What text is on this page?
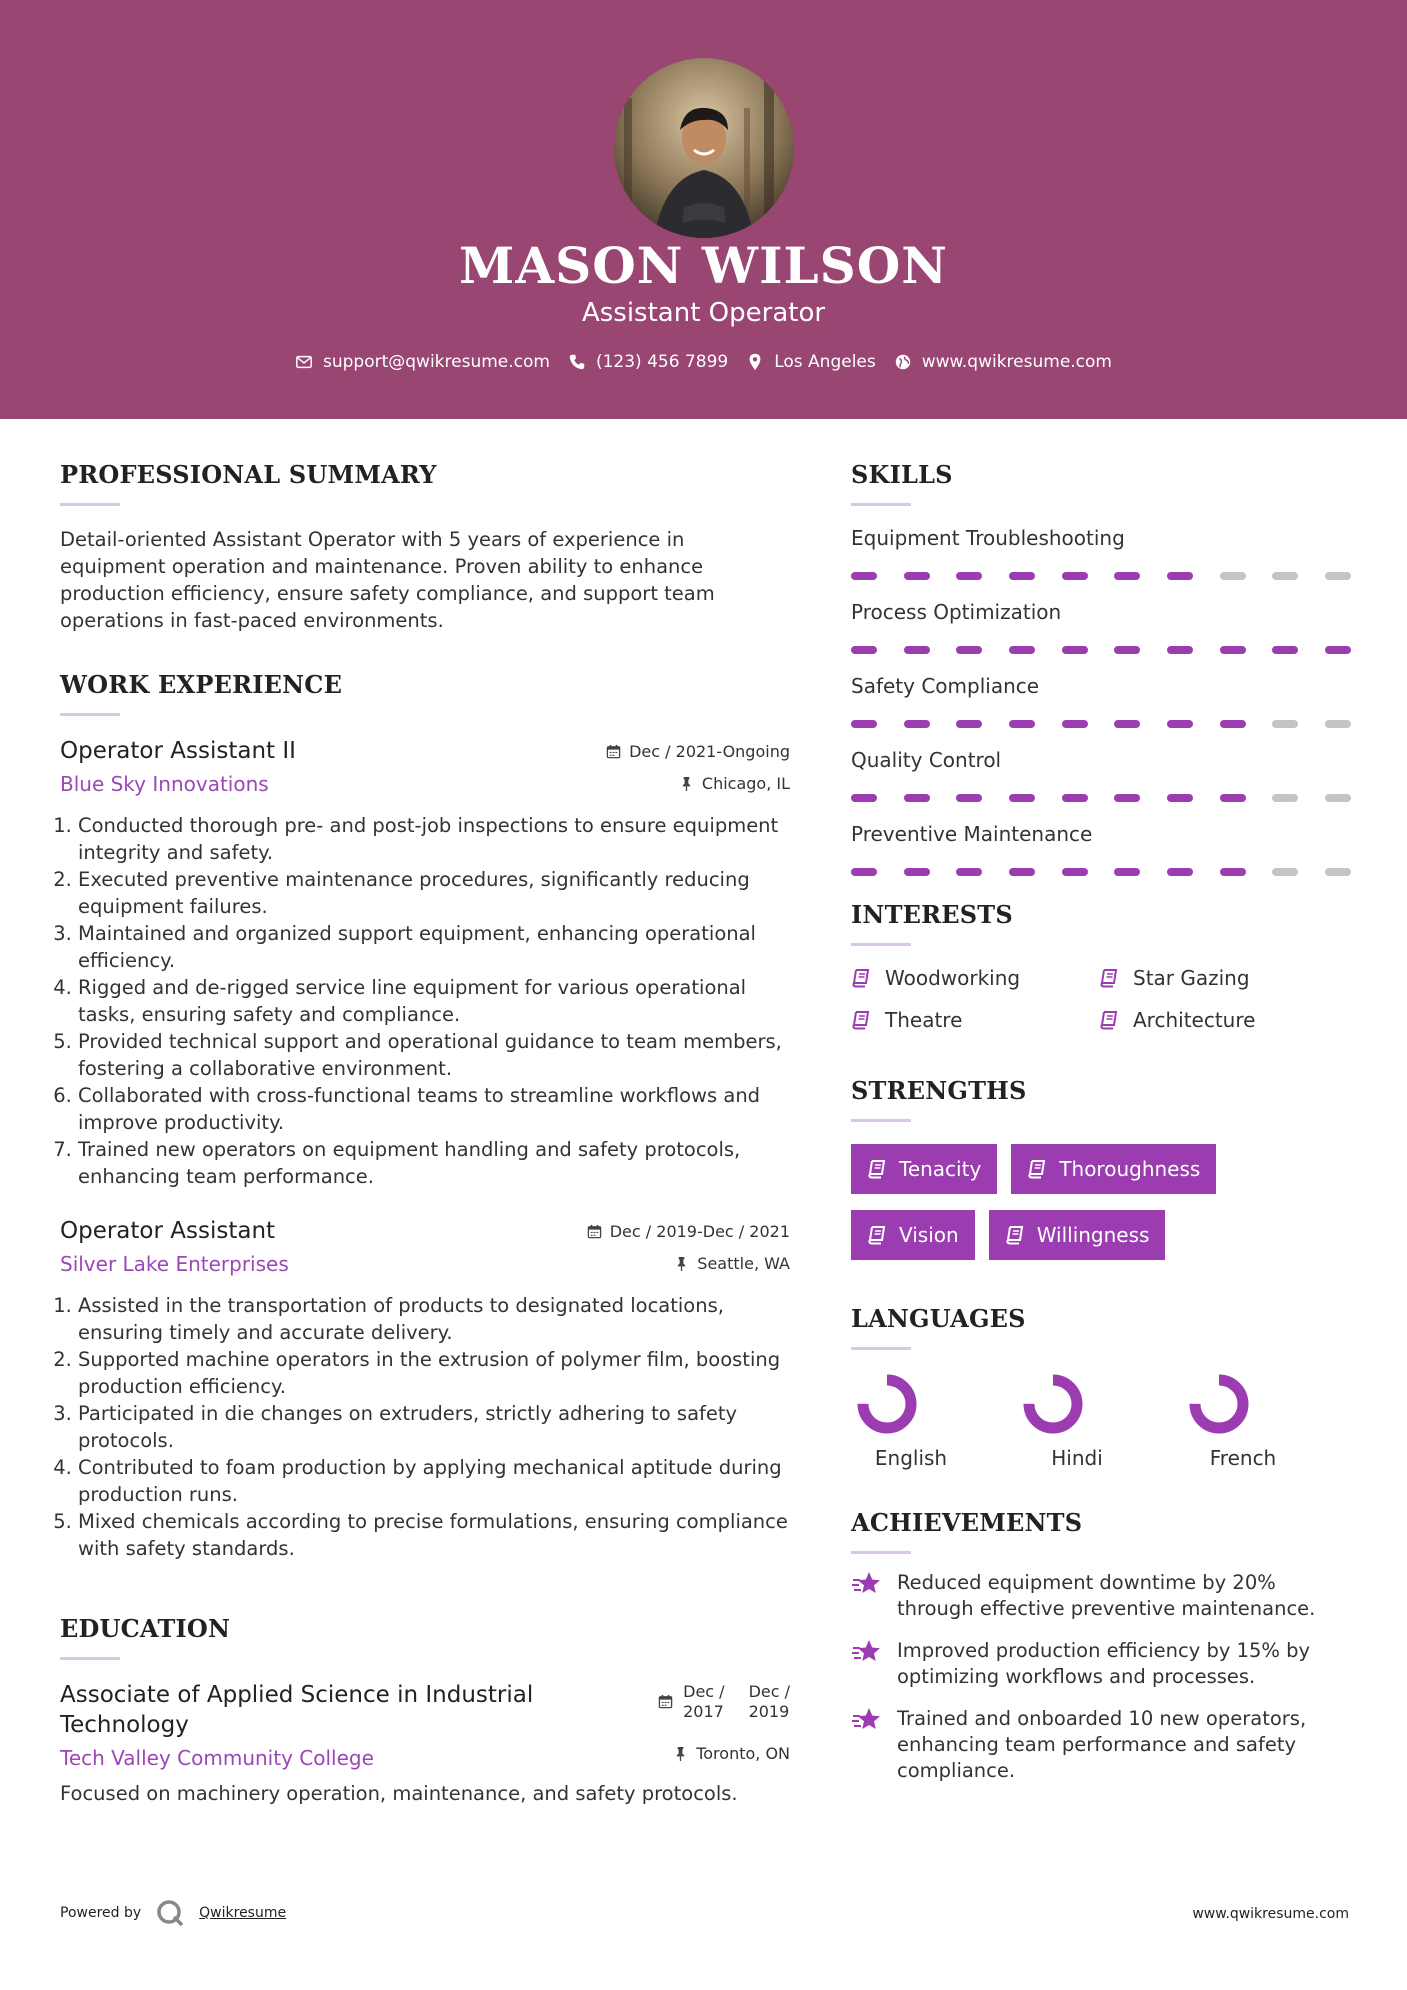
MASON WILSON
Assistant Operator
support@qwikresume.com	(123) 456 7899	Los Angeles	www.qwikresume.com
PROFESSIONAL SUMMARY

Detail-oriented Assistant Operator with 5 years of experience in equipment operation and maintenance. Proven ability to enhance production efficiency, ensure safety compliance, and support team operations in fast-paced environments.

WORK EXPERIENCE
Operator Assistant II
Blue Sky Innovations
Dec / 2021-Ongoing
Chicago, IL
1. Conducted thorough pre- and post-job inspections to ensure equipment integrity and safety.
2. Executed preventive maintenance procedures, significantly reducing equipment failures.
3. Maintained and organized support equipment, enhancing operational efficiency.
4. Rigged and de-rigged service line equipment for various operational tasks, ensuring safety and compliance.
5. Provided technical support and operational guidance to team members, fostering a collaborative environment.
6. Collaborated with cross-functional teams to streamline workflows and improve productivity.
7. Trained new operators on equipment handling and safety protocols, enhancing team performance.
Operator Assistant
Silver Lake Enterprises
Dec / 2019-Dec / 2021
Seattle, WA
1. Assisted in the transportation of products to designated locations, ensuring timely and accurate delivery.
2. Supported machine operators in the extrusion of polymer film, boosting production efficiency.
3. Participated in die changes on extruders, strictly adhering to safety protocols.
4. Contributed to foam production by applying mechanical aptitude during production runs.
5. Mixed chemicals according to precise formulations, ensuring compliance with safety standards.
EDUCATION
Associate of Applied Science in Industrial Technology
Tech Valley Community College
Dec /
2017
Dec /
2019
Toronto, ON

Focused on machinery operation, maintenance, and safety protocols.

SKILLS
Equipment Troubleshooting
Process Optimization
Safety Compliance
Quality Control
Preventive Maintenance
INTERESTS
Woodworking	Star Gazing
Theatre	Architecture
STRENGTHS
Tenacity	Thoroughness
Vision	Willingness
LANGUAGES
English	Hindi	French
ACHIEVEMENTS
Reduced equipment downtime by 20% through effective preventive maintenance.
Improved production efficiency by 15% by optimizing workflows and processes.
Trained and onboarded 10 new operators, enhancing team performance and safety compliance.
Powered by	Qwikresume	www.qwikresume.com
